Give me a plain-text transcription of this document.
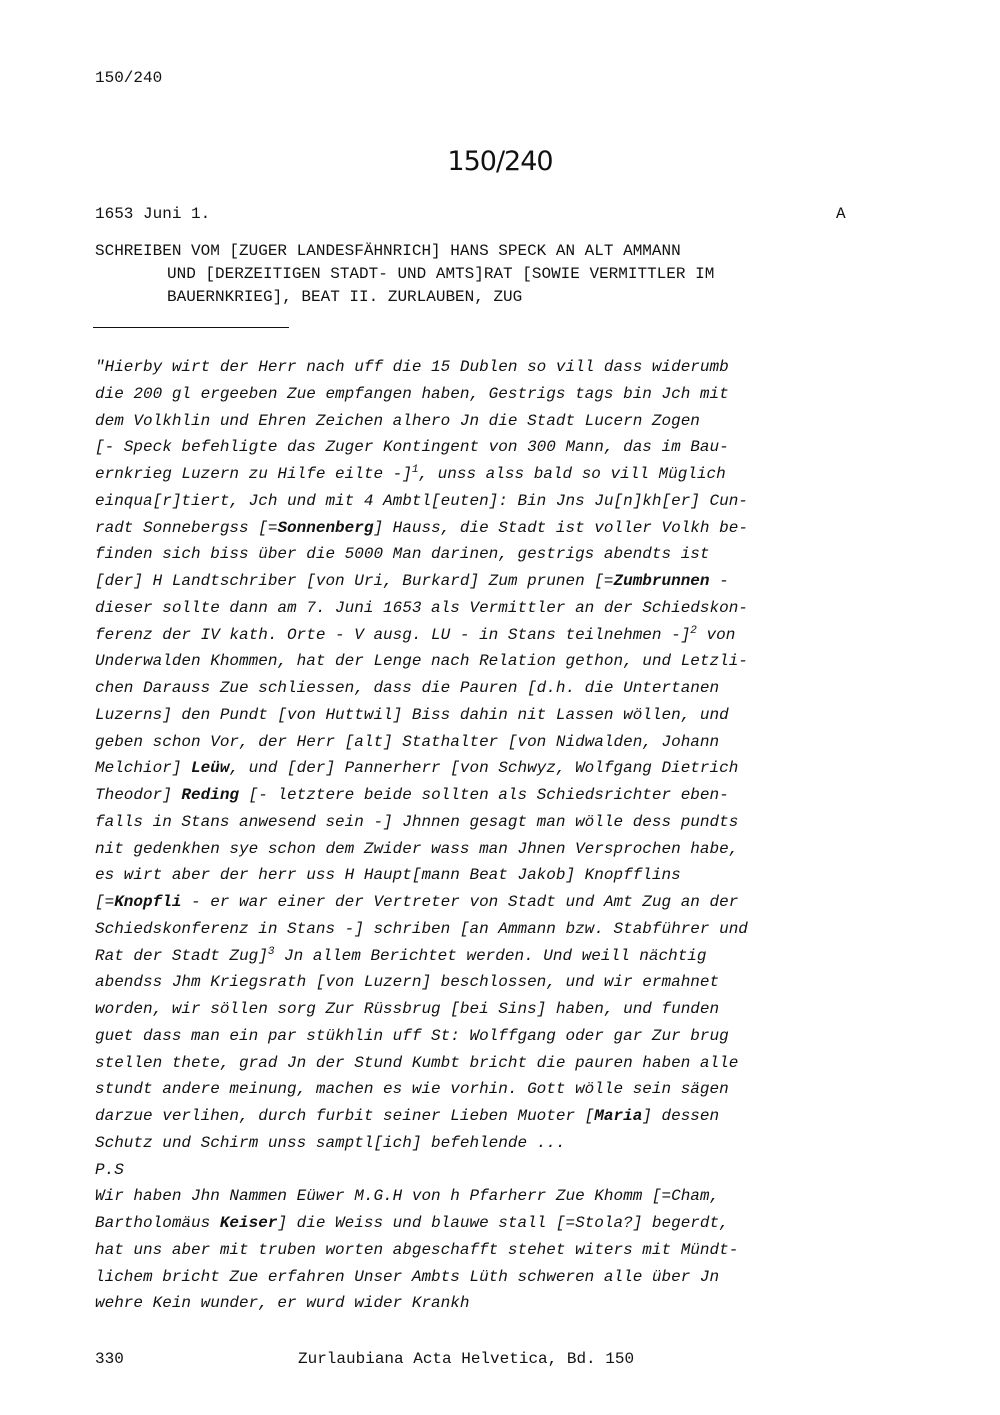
150/240
150/240
1653 Juni 1.	A
SCHREIBEN VOM [ZUGER LANDESFÄHNRICH] HANS SPECK AN ALT AMMANN
UND [DERZEITIGEN STADT- UND AMTS]RAT [SOWIE VERMITTLER IM
BAUERNKRIEG], BEAT II. ZURLAUBEN, ZUG
"Hierby wirt der Herr nach uff die 15 Dublen so vill dass widerumb
die 200 gl ergeeben Zue empfangen haben, Gestrigs tags bin Jch mit
dem Volkhlin und Ehren Zeichen alhero Jn die Stadt Lucern Zogen
[- Speck befehligte das Zuger Kontingent von 300 Mann, das im Bau-
ernkrieg Luzern zu Hilfe eilte -]$^1$, unss alss bald so vill Müglich
einqua[r]tiert, Jch und mit 4 Ambtl[euten]: Bin Jns Ju[n]kh[er] Cun-
radt Sonnebergss [=Sonnenberg] Hauss, die Stadt ist voller Volkh be-
finden sich biss über die 5000 Man darinen, gestrigs abendts ist
[der] H Landtschriber [von Uri, Burkard] Zum prunen [=Zumbrunnen -
dieser sollte dann am 7. Juni 1653 als Vermittler an der Schiedskon-
ferenz der IV kath. Orte - V ausg. LU - in Stans teilnehmen -]$^2$ von
Underwalden Khommen, hat der Lenge nach Relation gethon, und Letzli-
chen Darauss Zue schliessen, dass die Pauren [d.h. die Untertanen
Luzerns] den Pundt [von Huttwil] Biss dahin nit Lassen wöllen, und
geben schon Vor, der Herr [alt] Stathalter [von Nidwalden, Johann
Melchior] Leüw, und [der] Pannerherr [von Schwyz, Wolfgang Dietrich
Theodor] Reding [- letztere beide sollten als Schiedsrichter eben-
falls in Stans anwesend sein -] Jhnnen gesagt man wölle dess pundts
nit gedenkhen sye schon dem Zwider wass man Jhnen Versprochen habe,
es wirt aber der herr uss H Haupt[mann Beat Jakob] Knopfflins
[=Knopfli - er war einer der Vertreter von Stadt und Amt Zug an der
Schiedskonferenz in Stans -] schriben [an Ammann bzw. Stabführer und
Rat der Stadt Zug]$^3$ Jn allem Berichtet werden. Und weill nächtig
abendss Jhm Kriegsrath [von Luzern] beschlossen, und wir ermahnet
worden, wir söllen sorg Zur Rüssbrug [bei Sins] haben, und funden
guet dass man ein par stükhlin uff St: Wolffgang oder gar Zur brug
stellen thete, grad Jn der Stund Kumbt bricht die pauren haben alle
stundt andere meinung, machen es wie vorhin. Gott wölle sein sägen
darzue verlihen, durch furbit seiner Lieben Muoter [Maria] dessen
Schutz und Schirm unss samptl[ich] befehlende ...
P.S
Wir haben Jhn Nammen Eüwer M.G.H von h Pfarherr Zue Khomm [=Cham,
Bartholomäus Keiser] die Weiss und blauwe stall [=Stola?] begerdt,
hat uns aber mit truben worten abgeschafft stehet witers mit Mündt-
lichem bricht Zue erfahren Unser Ambts Lüth schweren alle über Jn
wehre Kein wunder, er wurd wider Krankh
330	Zurlaubiana Acta Helvetica, Bd. 150
